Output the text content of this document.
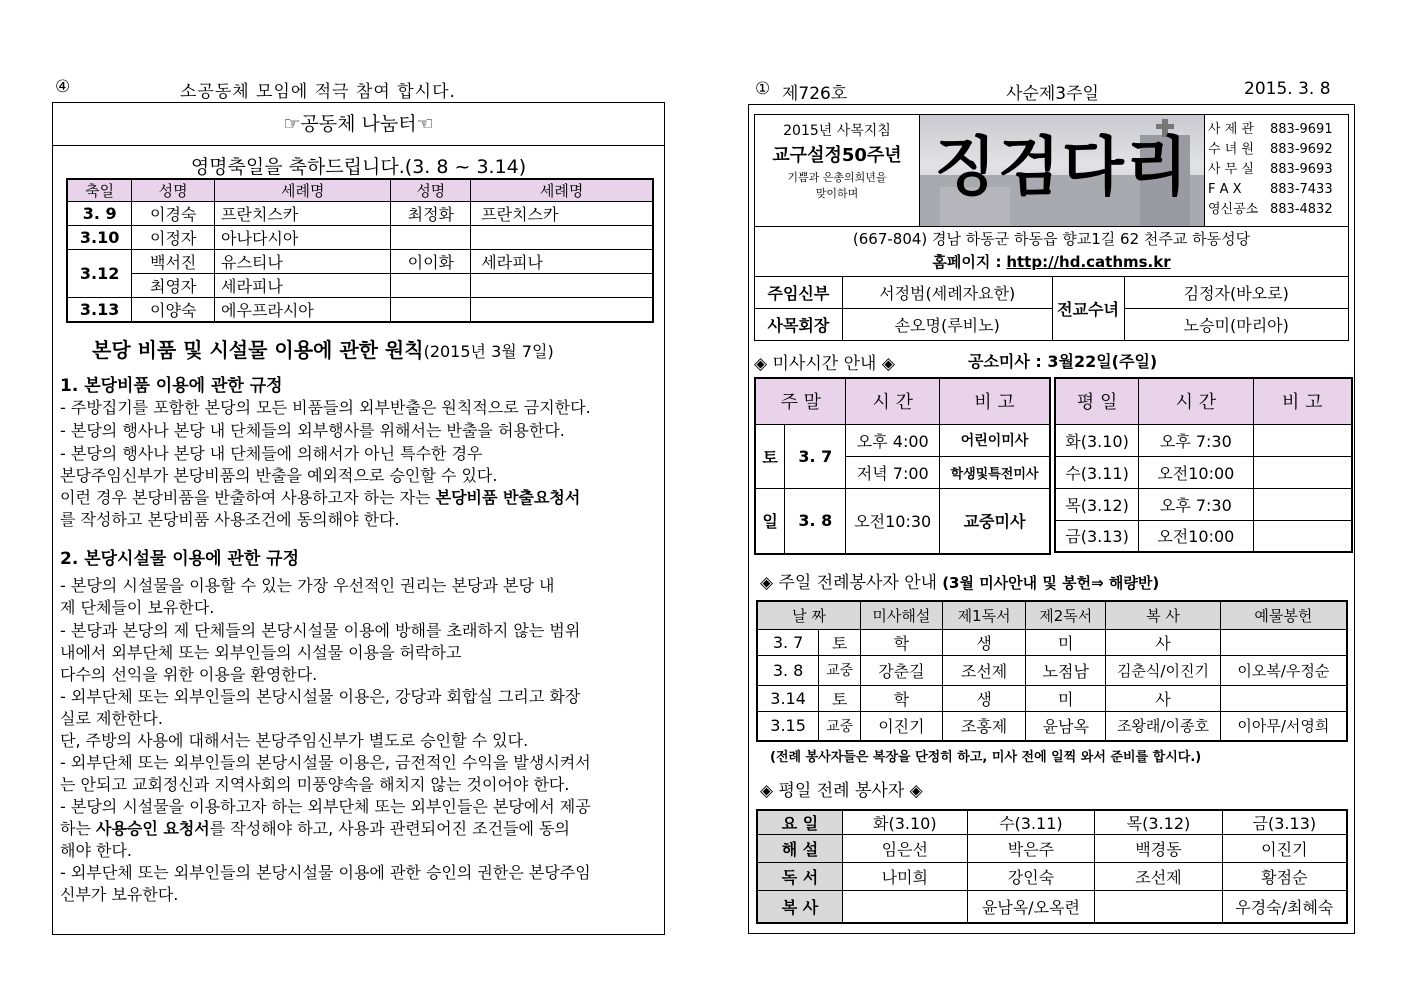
④	소공동체 모임에 적극 참여 합시다.
☞공동체 나눔터☜
영명축일을 축하드립니다.(3. 8 ~ 3.14)
축일	성명	세례명	성명	세례명
3. 9	이경숙	프란치스카	최정화	프란치스카
3.10	이정자	아나다시아		
3.12	백서진	유스티나	이이화	세라피나
	최영자	세라피나		
3.13	이양숙	에우프라시아		
본당 비품 및 시설물 이용에 관한 원칙(2015년 3월 7일)
1. 본당비품 이용에 관한 규정
- 주방집기를 포함한 본당의 모든 비품들의 외부반출은 원칙적으로 금지한다.
- 본당의 행사나 본당 내 단체들의 외부행사를 위해서는 반출을 허용한다.
- 본당의 행사나 본당 내 단체들에 의해서가 아닌 특수한 경우
본당주임신부가 본당비품의 반출을 예외적으로 승인할 수 있다.
이런 경우 본당비품을 반출하여 사용하고자 하는 자는 본당비품 반출요청서
를 작성하고 본당비품 사용조건에 동의해야 한다.
2. 본당시설물 이용에 관한 규정
- 본당의 시설물을 이용할 수 있는 가장 우선적인 권리는 본당과 본당 내
제 단체들이 보유한다.
- 본당과 본당의 제 단체들의 본당시설물 이용에 방해를 초래하지 않는 범위
내에서 외부단체 또는 외부인들의 시설물 이용을 허락하고
다수의 선익을 위한 이용을 환영한다.
- 외부단체 또는 외부인들의 본당시설물 이용은, 강당과 회합실 그리고 화장
실로 제한한다.
단, 주방의 사용에 대해서는 본당주임신부가 별도로 승인할 수 있다.
- 외부단체 또는 외부인들의 본당시설물 이용은, 금전적인 수익을 발생시켜서
는 안되고 교회정신과 지역사회의 미풍양속을 해치지 않는 것이어야 한다.
- 본당의 시설물을 이용하고자 하는 외부단체 또는 외부인들은 본당에서 제공
하는 사용승인 요청서를 작성해야 하고, 사용과 관련되어진 조건들에 동의
해야 한다.
- 외부단체 또는 외부인들의 본당시설물 이용에 관한 승인의 권한은 본당주임
신부가 보유한다.
① 제726호	사순제3주일	2015. 3. 8
2015년 사목지침
교구설정50주년
기쁨과 은총의희년을
맞이하며	징검다리
사 제 관 883-9691
수 녀 원 883-9692
사 무 실 883-9693
F A X 883-7433
영신공소 883-4832
(667-804) 경남 하동군 하동읍 향교1길 62 천주교 하동성당
홈페이지 : http://hd.cathms.kr
주임신부	서정범(세례자요한)	전교수녀	김정자(바오로)
사목회장	손오명(루비노)		노승미(마리아)
◈ 미사시간 안내 ◈	공소미사 : 3월22일(주일)
주 말		시 간	비 고
토	3. 7	오후 4:00	어린이미사
		저녁 7:00	학생및특전미사
일	3. 8	오전10:30	교중미사
평 일	시 간	비 고
화(3.10)	오후 7:30	
수(3.11)	오전10:00	
목(3.12)	오후 7:30	
금(3.13)	오전10:00	
◈ 주일 전례봉사자 안내 (3월 미사안내 및 봉헌⇒ 해량반)
날 짜		미사해설	제1독서	제2독서	복 사	예물봉헌
3. 7	토	학	생	미	사	
3. 8	교중	강춘길	조선제	노점남	김춘식/이진기	이오복/우정순
3.14	토	학	생	미	사	
3.15	교중	이진기	조홍제	윤남옥	조왕래/이종호	이아무/서영희
(전례 봉사자들은 복장을 단정히 하고, 미사 전에 일찍 와서 준비를 합시다.)
◈ 평일 전례 봉사자 ◈
요 일	화(3.10)	수(3.11)	목(3.12)	금(3.13)
해 설	임은선	박은주	백경동	이진기
독 서	나미희	강인숙	조선제	황점순
복 사		윤남옥/오옥련		우경숙/최혜숙
